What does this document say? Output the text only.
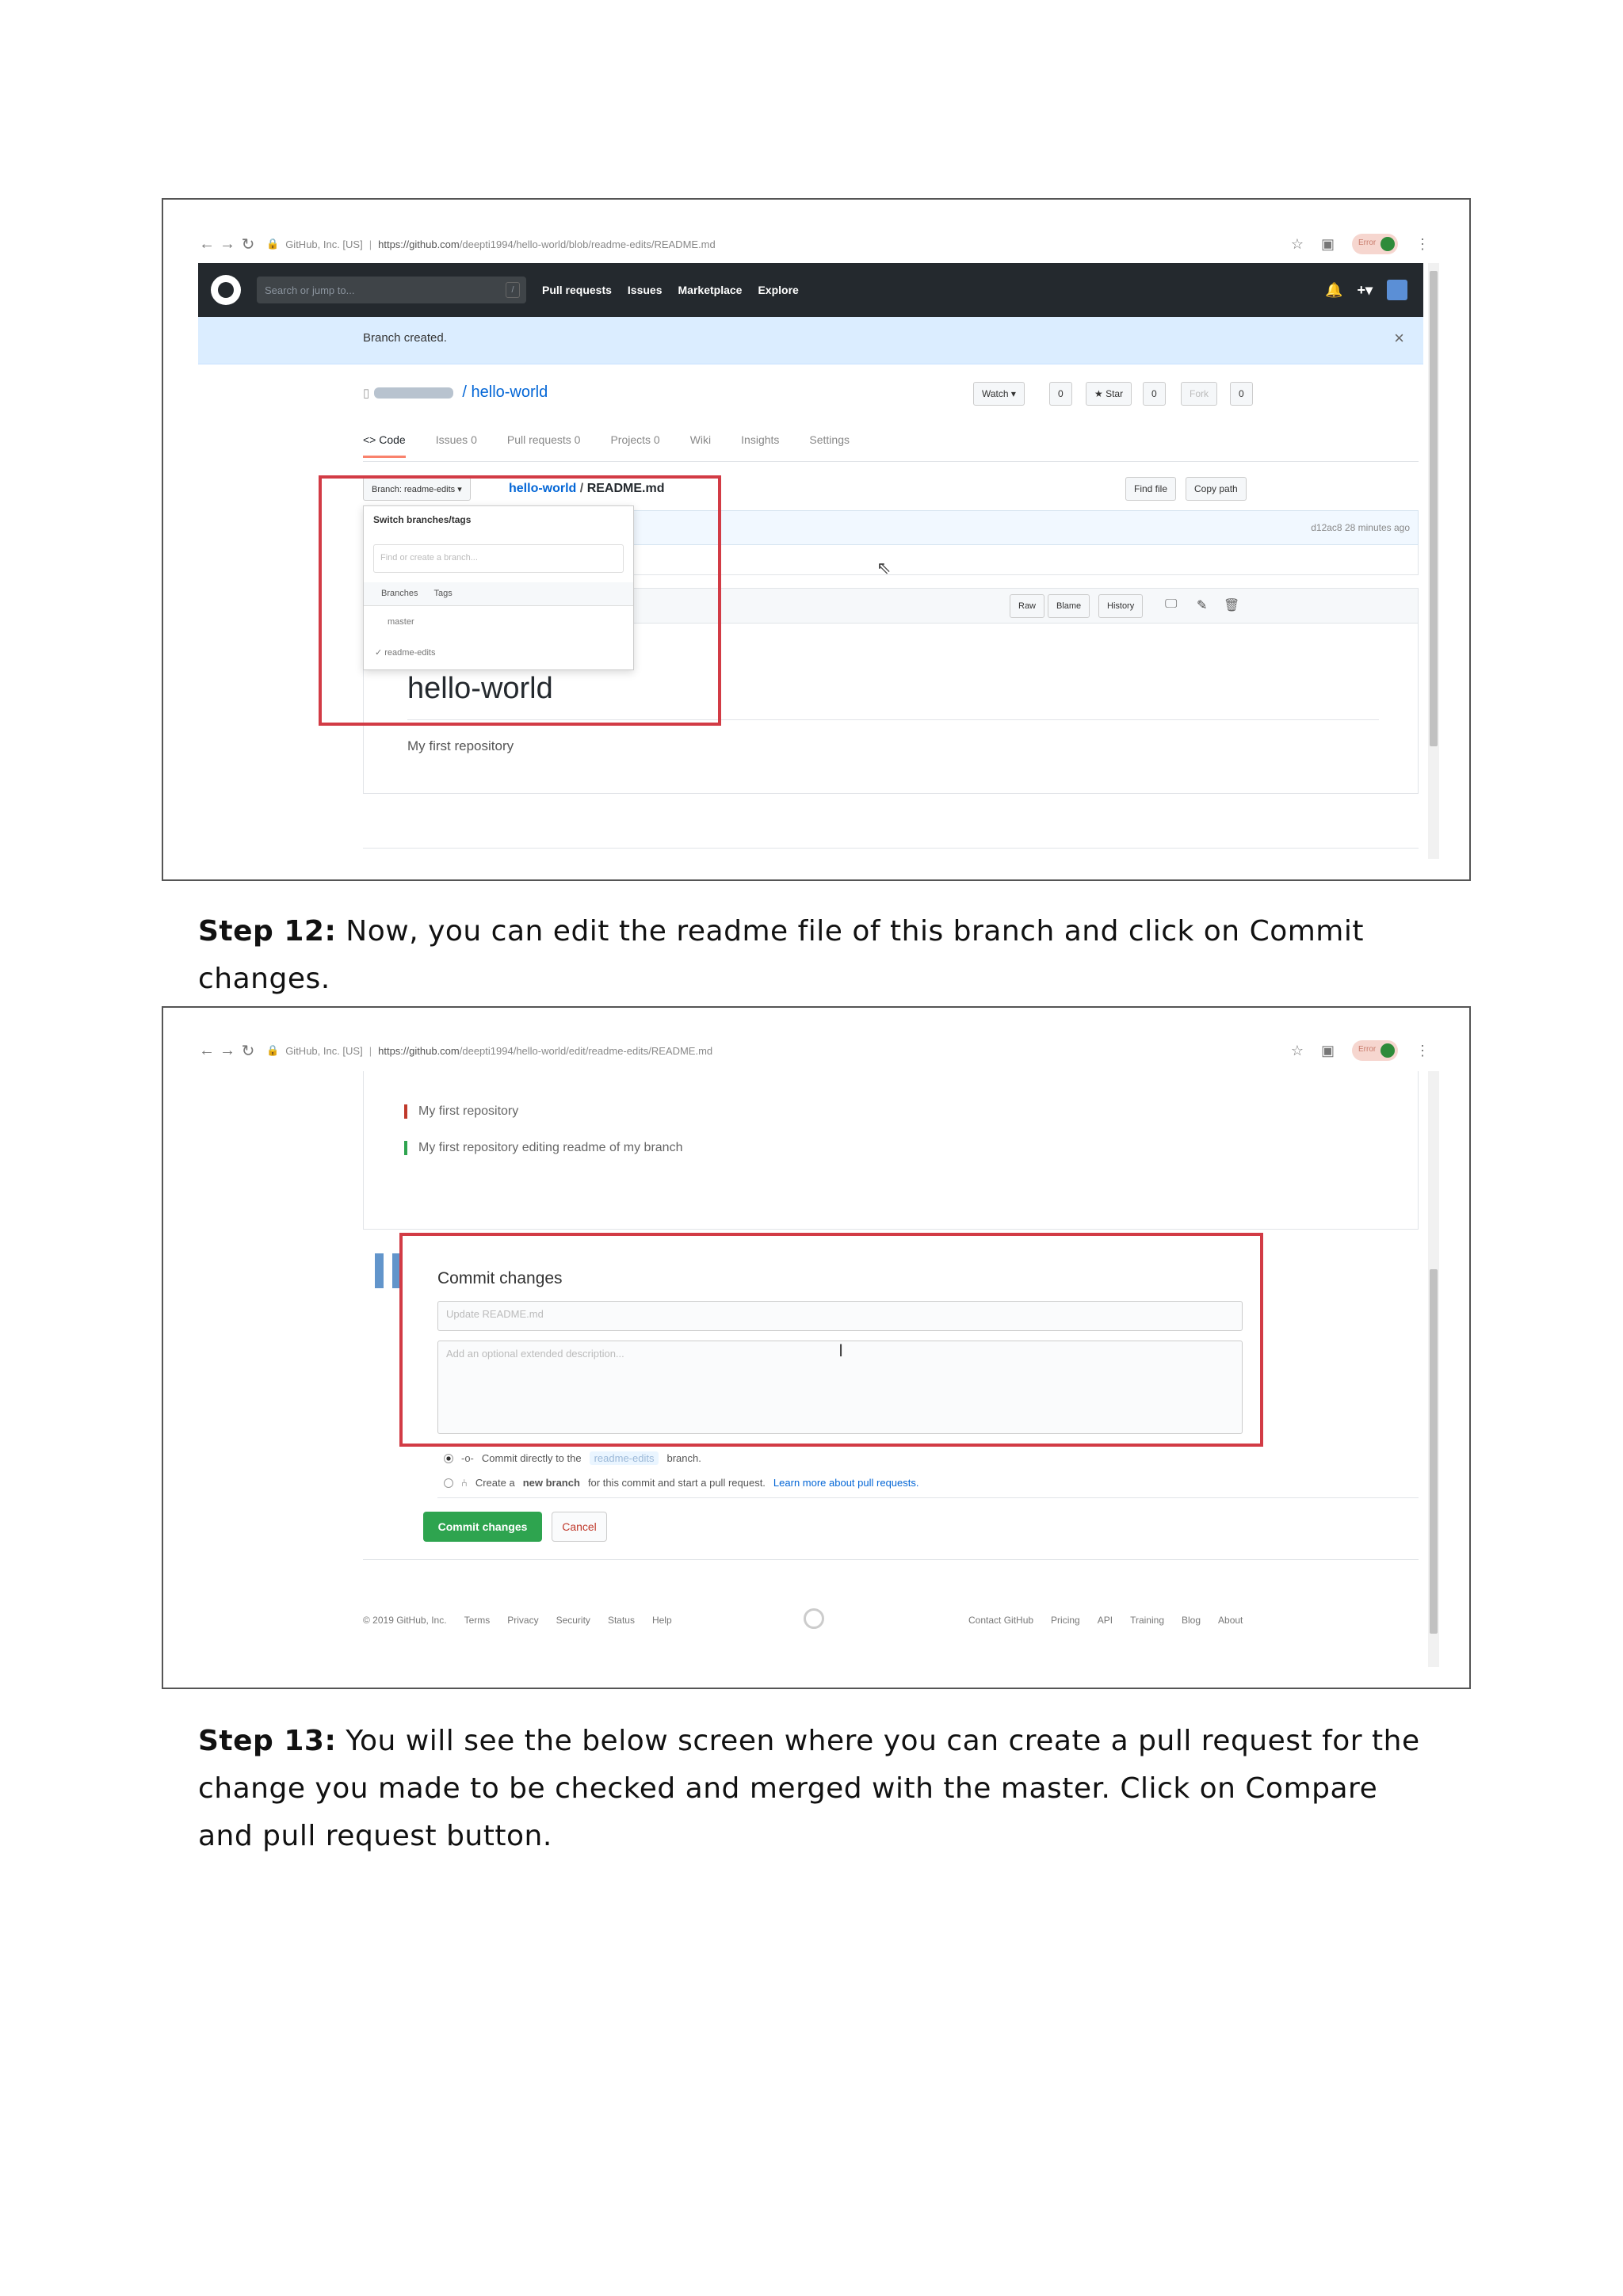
← → ↻	🔒 GitHub, Inc. [US] | https://github.com /deepti1994/hello-world/blob/readme-edits/README.md	☆ ▣	Error	⋮
Search or jump to...	/	Pull requests Issues Marketplace Explore	🔔 +▾
Branch created.	×
▯	/ hello-world	Watch ▾	0	★ Star	0	Fork	0
<> Code	Issues 0	Pull requests 0	Projects 0	Wiki	Insights	Settings
Branch: readme-edits ▾	hello-world / README.md	Find file	Copy path
d12ac8 28 minutes ago
⇖
Raw	Blame	History	🖵 ✎ 🗑
hello-world
My first repository
Switch branches/tags
Find or create a branch...
Branches Tags
master
✓ readme-edits
Step 12: Now, you can edit the readme file of this branch and click on Commit changes.
← → ↻	🔒 GitHub, Inc. [US] | https://github.com /deepti1994/hello-world/edit/readme-edits/README.md	☆ ▣	Error	⋮
My first repository
My first repository editing readme of my branch
Commit changes
Update README.md
Add an optional extended description...	I
-o- Commit directly to the	readme-edits	branch.
⑃ Create a new branch for this commit and start a pull request. Learn more about pull requests.
Commit changes	Cancel
© 2019 GitHub, Inc. Terms Privacy Security Status Help	Contact GitHub Pricing API Training Blog About
Step 13: You will see the below screen where you can create a pull request for the change you made to be checked and merged with the master. Click on Compare and pull request button.
